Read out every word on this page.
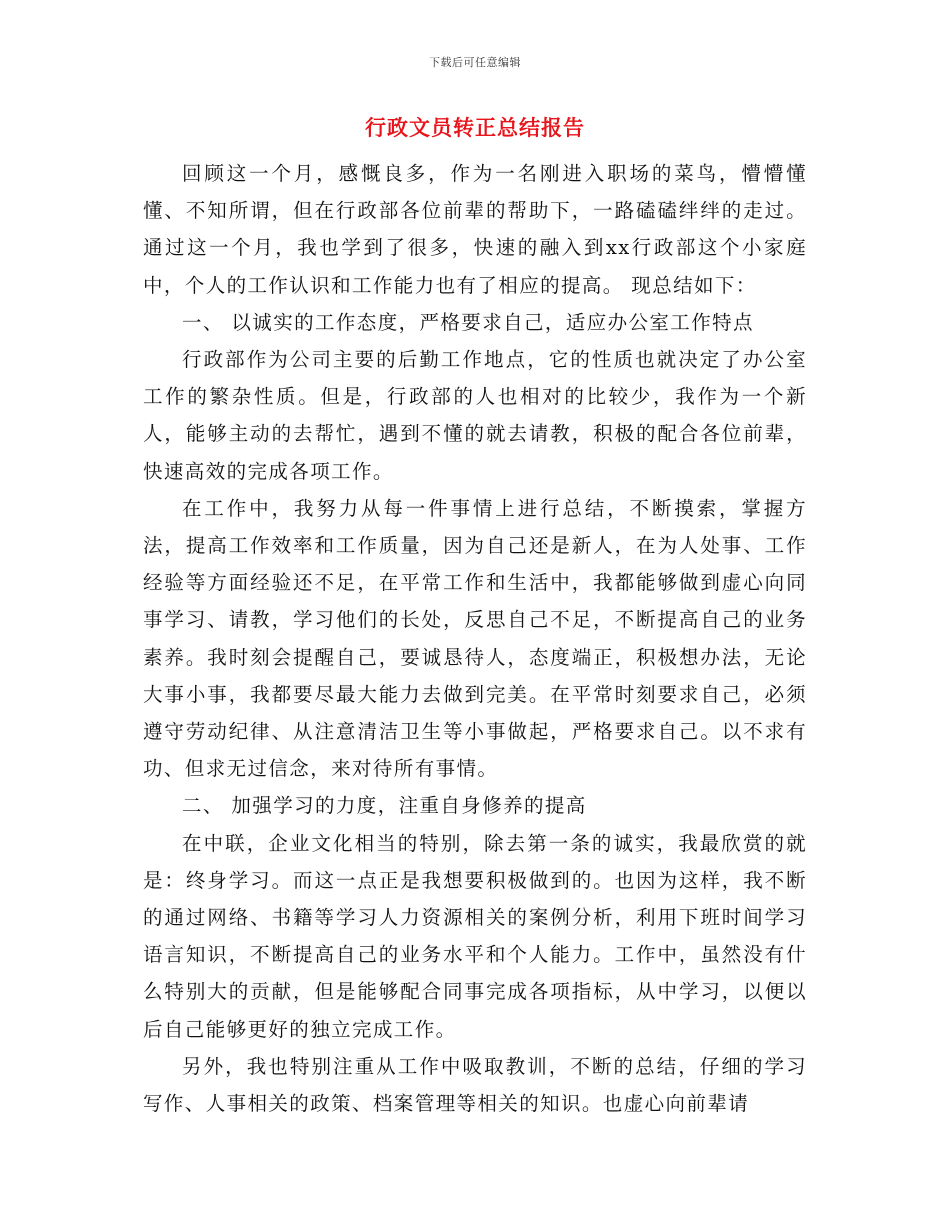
下载后可任意编辑
行政文员转正总结报告

回顾这一个月，感慨良多，作为一名刚进入职场的菜鸟，懵懵懂懂、不知所谓，但在行政部各位前辈的帮助下，一路磕磕绊绊的走过。通过这一个月，我也学到了很多，快速的融入到xx行政部这个小家庭中，个人的工作认识和工作能力也有了相应的提高。 现总结如下：

一、 以诚实的工作态度，严格要求自己，适应办公室工作特点

行政部作为公司主要的后勤工作地点，它的性质也就决定了办公室工作的繁杂性质。但是，行政部的人也相对的比较少，我作为一个新人，能够主动的去帮忙，遇到不懂的就去请教，积极的配合各位前辈，快速高效的完成各项工作。

在工作中，我努力从每一件事情上进行总结，不断摸索，掌握方法，提高工作效率和工作质量，因为自己还是新人，在为人处事、工作经验等方面经验还不足，在平常工作和生活中，我都能够做到虚心向同事学习、请教，学习他们的长处，反思自己不足，不断提高自己的业务素养。我时刻会提醒自己，要诚恳待人，态度端正，积极想办法，无论大事小事，我都要尽最大能力去做到完美。在平常时刻要求自己，必须遵守劳动纪律、从注意清洁卫生等小事做起，严格要求自己。以不求有功、但求无过信念，来对待所有事情。

二、 加强学习的力度，注重自身修养的提高

在中联，企业文化相当的特别，除去第一条的诚实，我最欣赏的就是：终身学习。而这一点正是我想要积极做到的。也因为这样，我不断的通过网络、书籍等学习人力资源相关的案例分析，利用下班时间学习语言知识，不断提高自己的业务水平和个人能力。工作中，虽然没有什么特别大的贡献，但是能够配合同事完成各项指标，从中学习，以便以后自己能够更好的独立完成工作。

另外，我也特别注重从工作中吸取教训，不断的总结，仔细的学习写作、人事相关的政策、档案管理等相关的知识。也虚心向前辈请
